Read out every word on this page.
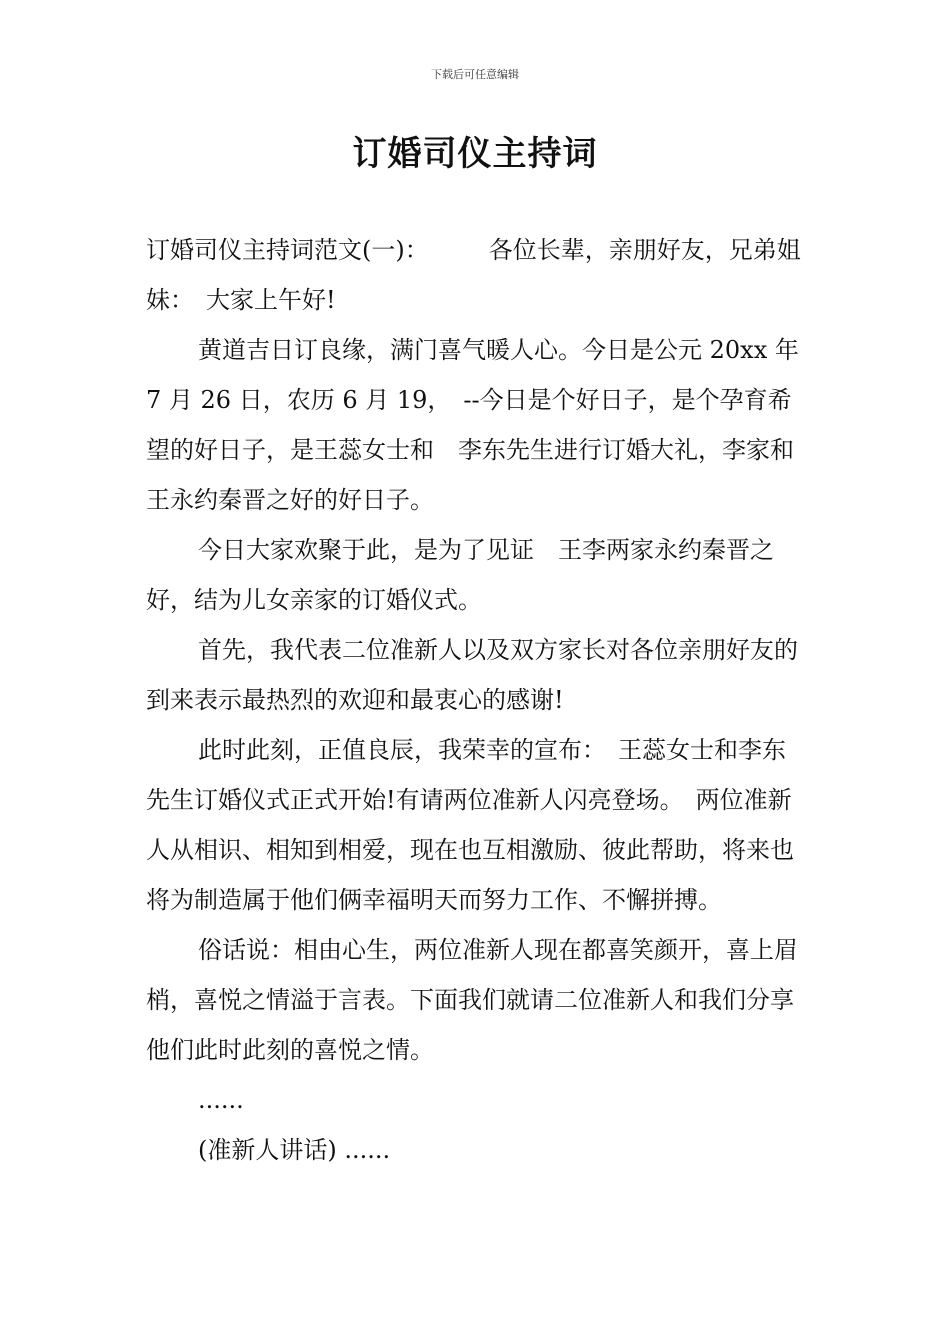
下载后可任意编辑
订婚司仪主持词

订婚司仪主持词范文(一)：　　　各位长辈，亲朋好友，兄弟姐妹：　大家上午好!

黄道吉日订良缘，满门喜气暖人心。今日是公元 20xx 年 7 月 26 日，农历 6 月 19，　--今日是个好日子，是个孕育希望的好日子，是王蕊女士和　李东先生进行订婚大礼，李家和王永约秦晋之好的好日子。

今日大家欢聚于此，是为了见证　王李两家永约秦晋之好，结为儿女亲家的订婚仪式。

首先，我代表二位准新人以及双方家长对各位亲朋好友的到来表示最热烈的欢迎和最衷心的感谢!

此时此刻，正值良辰，我荣幸的宣布：　王蕊女士和李东　先生订婚仪式正式开始!有请两位准新人闪亮登场。　两位准新人从相识、相知到相爱，现在也互相激励、彼此帮助，将来也将为制造属于他们俩幸福明天而努力工作、不懈拼搏。

俗话说：相由心生，两位准新人现在都喜笑颜开，喜上眉梢，喜悦之情溢于言表。下面我们就请二位准新人和我们分享他们此时此刻的喜悦之情。

......

(准新人讲话) ......
